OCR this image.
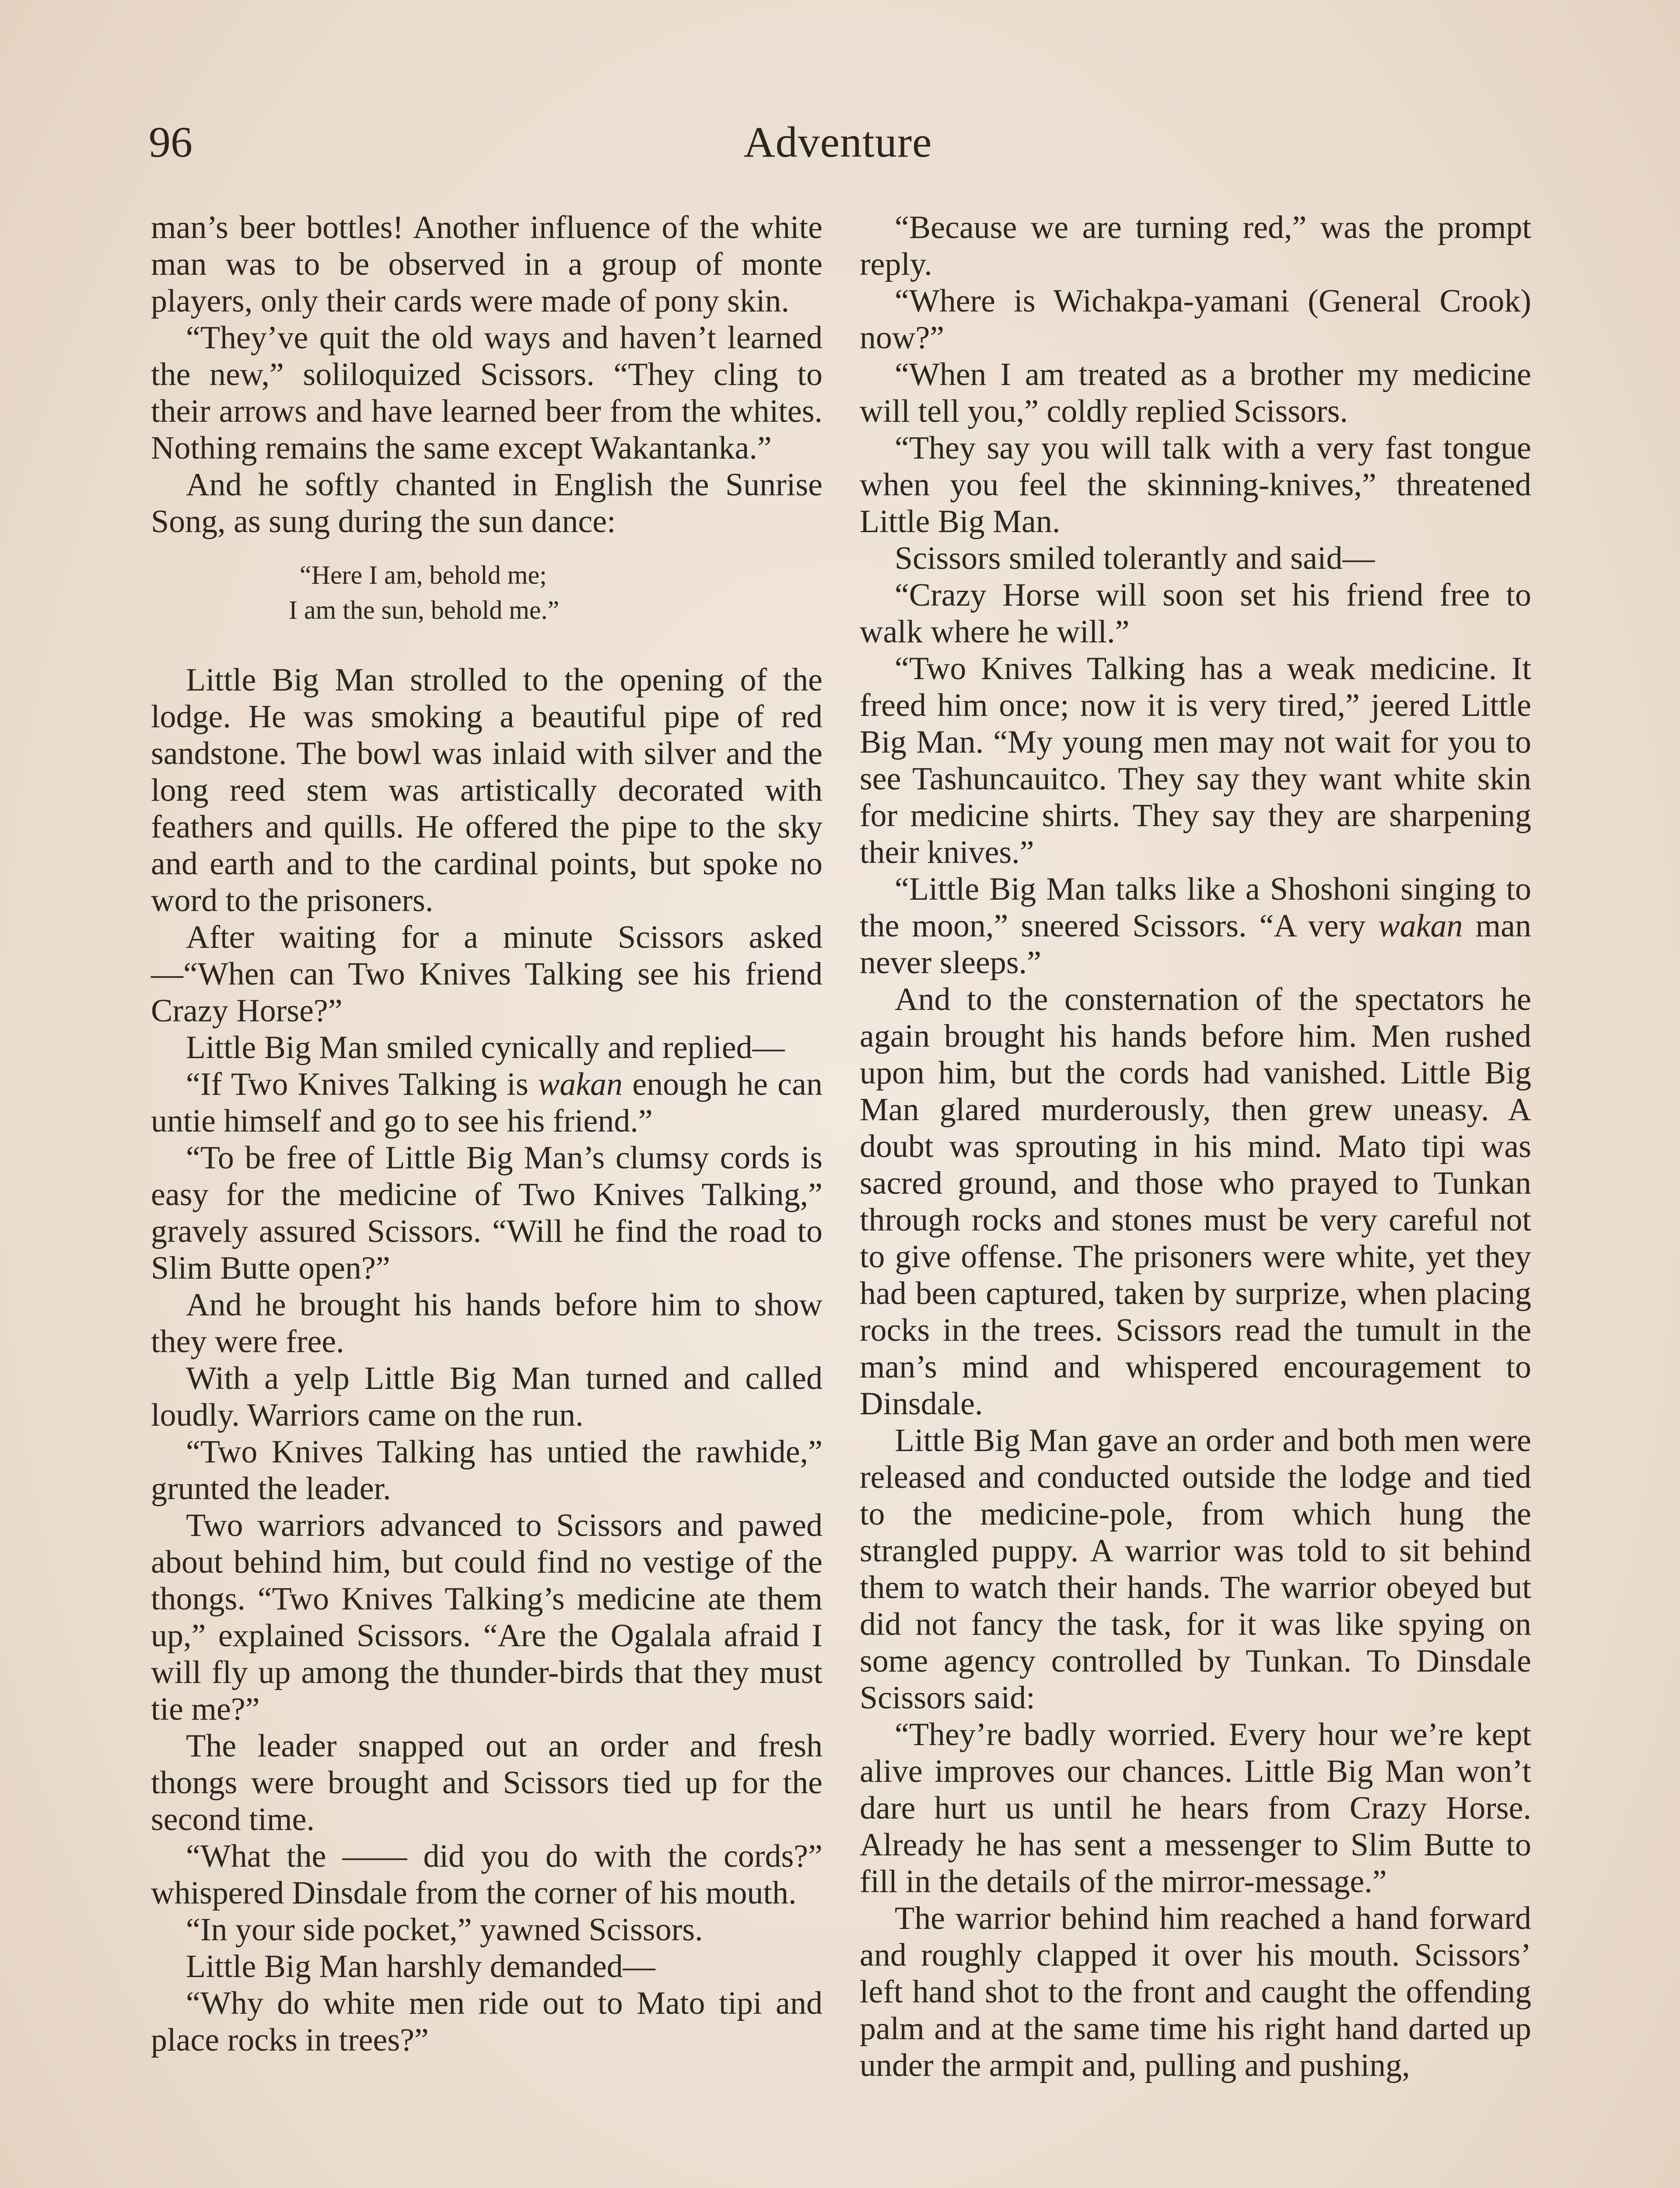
96	Adventure

man’s beer bottles! Another influence of the white man was to be observed in a group of monte players, only their cards were made of pony skin.

“They’ve quit the old ways and haven’t learned the new,” soliloquized Scissors. “They cling to their arrows and have learned beer from the whites. Nothing remains the same except Wakantanka.”

And he softly chanted in English the Sunrise Song, as sung during the sun dance:

“Here I am, behold me;
I am the sun, behold me.”

Little Big Man strolled to the opening of the lodge. He was smoking a beautiful pipe of red sandstone. The bowl was inlaid with silver and the long reed stem was artistically decorated with feathers and quills. He offered the pipe to the sky and earth and to the cardinal points, but spoke no word to the prisoners.

After waiting for a minute Scissors asked—“When can Two Knives Talking see his friend Crazy Horse?”

Little Big Man smiled cynically and replied—

“If Two Knives Talking is wakan enough he can untie himself and go to see his friend.”

“To be free of Little Big Man’s clumsy cords is easy for the medicine of Two Knives Talking,” gravely assured Scissors. “Will he find the road to Slim Butte open?”

And he brought his hands before him to show they were free.

With a yelp Little Big Man turned and called loudly. Warriors came on the run.

“Two Knives Talking has untied the rawhide,” grunted the leader.

Two warriors advanced to Scissors and pawed about behind him, but could find no vestige of the thongs. “Two Knives Talking’s medicine ate them up,” explained Scissors. “Are the Ogalala afraid I will fly up among the thunder-birds that they must tie me?”

The leader snapped out an order and fresh thongs were brought and Scissors tied up for the second time.

“What the —— did you do with the cords?” whispered Dinsdale from the corner of his mouth.

“In your side pocket,” yawned Scissors.

Little Big Man harshly demanded—

“Why do white men ride out to Mato tipi and place rocks in trees?”

“Because we are turning red,” was the prompt reply.

“Where is Wichakpa-yamani (General Crook) now?”

“When I am treated as a brother my medicine will tell you,” coldly replied Scissors.

“They say you will talk with a very fast tongue when you feel the skinning-knives,” threatened Little Big Man.

Scissors smiled tolerantly and said—

“Crazy Horse will soon set his friend free to walk where he will.”

“Two Knives Talking has a weak medicine. It freed him once; now it is very tired,” jeered Little Big Man. “My young men may not wait for you to see Tashuncauitco. They say they want white skin for medicine shirts. They say they are sharpening their knives.”

“Little Big Man talks like a Shoshoni singing to the moon,” sneered Scissors. “A very wakan man never sleeps.”

And to the consternation of the spectators he again brought his hands before him. Men rushed upon him, but the cords had vanished. Little Big Man glared murderously, then grew uneasy. A doubt was sprouting in his mind. Mato tipi was sacred ground, and those who prayed to Tunkan through rocks and stones must be very careful not to give offense. The prisoners were white, yet they had been captured, taken by surprize, when placing rocks in the trees. Scissors read the tumult in the man’s mind and whispered encouragement to Dinsdale.

Little Big Man gave an order and both men were released and conducted outside the lodge and tied to the medicine-pole, from which hung the strangled puppy. A warrior was told to sit behind them to watch their hands. The warrior obeyed but did not fancy the task, for it was like spying on some agency controlled by Tunkan. To Dinsdale Scissors said:

“They’re badly worried. Every hour we’re kept alive improves our chances. Little Big Man won’t dare hurt us until he hears from Crazy Horse. Already he has sent a messenger to Slim Butte to fill in the details of the mirror-message.”

The warrior behind him reached a hand forward and roughly clapped it over his mouth. Scissors’ left hand shot to the front and caught the offending palm and at the same time his right hand darted up under the armpit and, pulling and pushing,
